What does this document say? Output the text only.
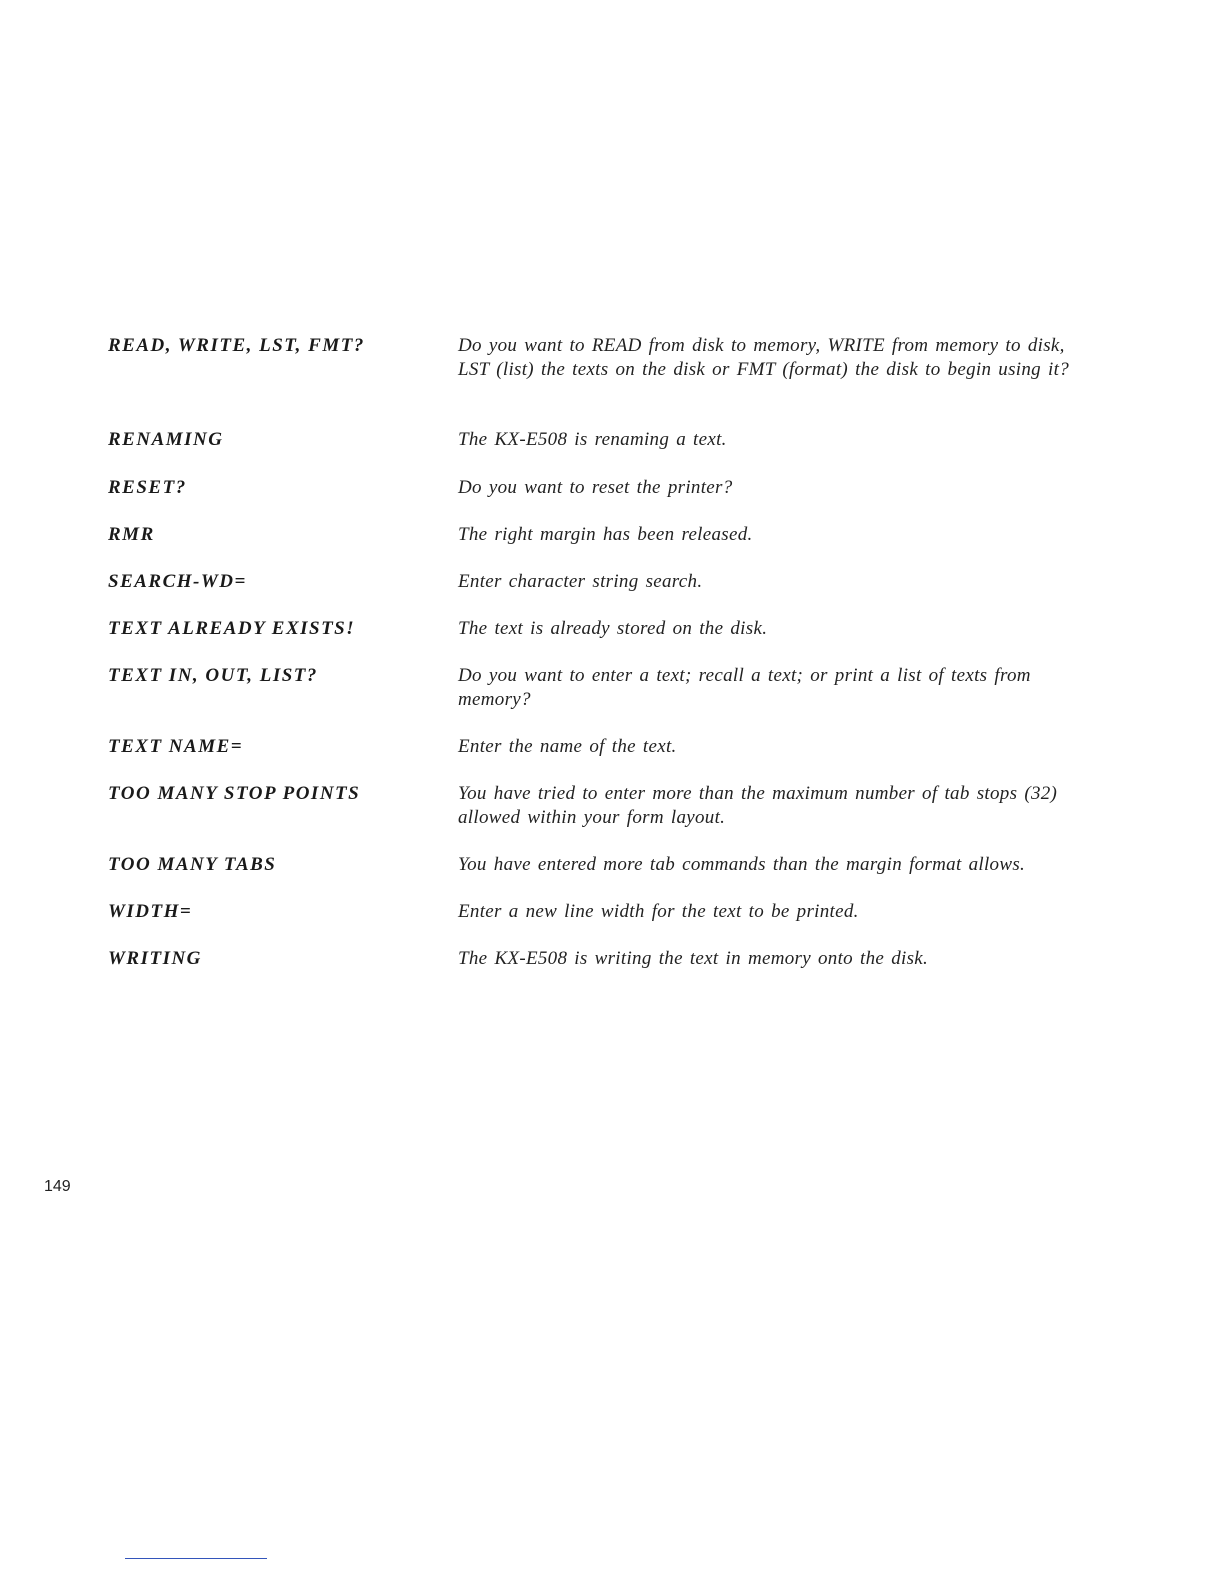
READ, WRITE, LST, FMT?	Do you want to READ from disk to memory, WRITE from memory to disk, LST (list) the texts on the disk or FMT (format) the disk to begin using it?
RENAMING	The KX-E508 is renaming a text.
RESET?	Do you want to reset the printer?
RMR	The right margin has been released.
SEARCH-WD=	Enter character string search.
TEXT ALREADY EXISTS!	The text is already stored on the disk.
TEXT IN, OUT, LIST?	Do you want to enter a text; recall a text; or print a list of texts from memory?
TEXT NAME=	Enter the name of the text.
TOO MANY STOP POINTS	You have tried to enter more than the maximum number of tab stops (32) allowed within your form layout.
TOO MANY TABS	You have entered more tab commands than the margin format allows.
WIDTH=	Enter a new line width for the text to be printed.
WRITING	The KX-E508 is writing the text in memory onto the disk.
149
